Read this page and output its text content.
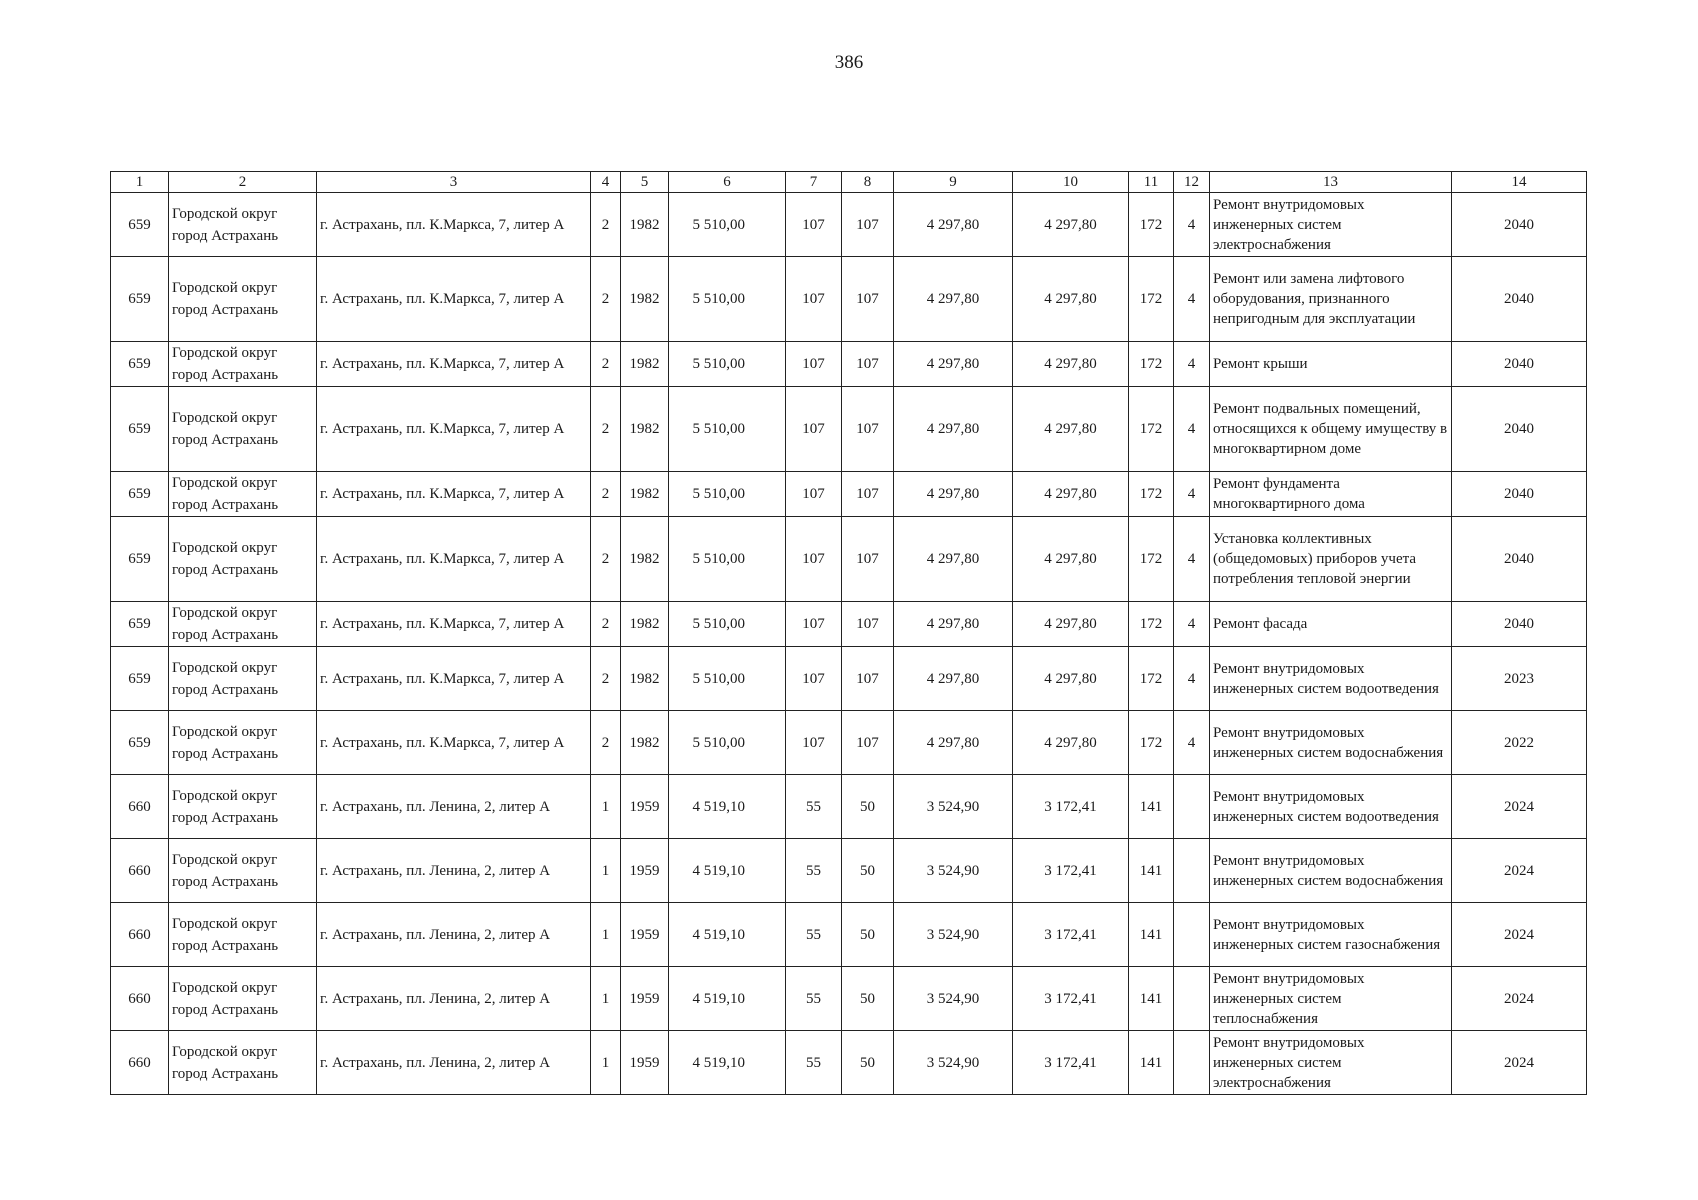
386
1	2	3	4	5	6	7	8	9	10	11	12	13	14
659	Городской округ город Астрахань	г. Астрахань, пл. К.Маркса, 7, литер А	2	1982	5 510,00	107	107	4 297,80	4 297,80	172	4	Ремонт внутридомовых инженерных систем электроснабжения	2040
659	Городской округ город Астрахань	г. Астрахань, пл. К.Маркса, 7, литер А	2	1982	5 510,00	107	107	4 297,80	4 297,80	172	4	Ремонт или замена лифтового оборудования, признанного непригодным для эксплуатации	2040
659	Городской округ город Астрахань	г. Астрахань, пл. К.Маркса, 7, литер А	2	1982	5 510,00	107	107	4 297,80	4 297,80	172	4	Ремонт крыши	2040
659	Городской округ город Астрахань	г. Астрахань, пл. К.Маркса, 7, литер А	2	1982	5 510,00	107	107	4 297,80	4 297,80	172	4	Ремонт подвальных помещений, относящихся к общему имуществу в многоквартирном доме	2040
659	Городской округ город Астрахань	г. Астрахань, пл. К.Маркса, 7, литер А	2	1982	5 510,00	107	107	4 297,80	4 297,80	172	4	Ремонт фундамента многоквартирного дома	2040
659	Городской округ город Астрахань	г. Астрахань, пл. К.Маркса, 7, литер А	2	1982	5 510,00	107	107	4 297,80	4 297,80	172	4	Установка коллективных (общедомовых) приборов учета потребления тепловой энергии	2040
659	Городской округ город Астрахань	г. Астрахань, пл. К.Маркса, 7, литер А	2	1982	5 510,00	107	107	4 297,80	4 297,80	172	4	Ремонт фасада	2040
659	Городской округ город Астрахань	г. Астрахань, пл. К.Маркса, 7, литер А	2	1982	5 510,00	107	107	4 297,80	4 297,80	172	4	Ремонт внутридомовых инженерных систем водоотведения	2023
659	Городской округ город Астрахань	г. Астрахань, пл. К.Маркса, 7, литер А	2	1982	5 510,00	107	107	4 297,80	4 297,80	172	4	Ремонт внутридомовых инженерных систем водоснабжения	2022
660	Городской округ город Астрахань	г. Астрахань, пл. Ленина, 2, литер А	1	1959	4 519,10	55	50	3 524,90	3 172,41	141		Ремонт внутридомовых инженерных систем водоотведения	2024
660	Городской округ город Астрахань	г. Астрахань, пл. Ленина, 2, литер А	1	1959	4 519,10	55	50	3 524,90	3 172,41	141		Ремонт внутридомовых инженерных систем водоснабжения	2024
660	Городской округ город Астрахань	г. Астрахань, пл. Ленина, 2, литер А	1	1959	4 519,10	55	50	3 524,90	3 172,41	141		Ремонт внутридомовых инженерных систем газоснабжения	2024
660	Городской округ город Астрахань	г. Астрахань, пл. Ленина, 2, литер А	1	1959	4 519,10	55	50	3 524,90	3 172,41	141		Ремонт внутридомовых инженерных систем теплоснабжения	2024
660	Городской округ город Астрахань	г. Астрахань, пл. Ленина, 2, литер А	1	1959	4 519,10	55	50	3 524,90	3 172,41	141		Ремонт внутридомовых инженерных систем электроснабжения	2024
